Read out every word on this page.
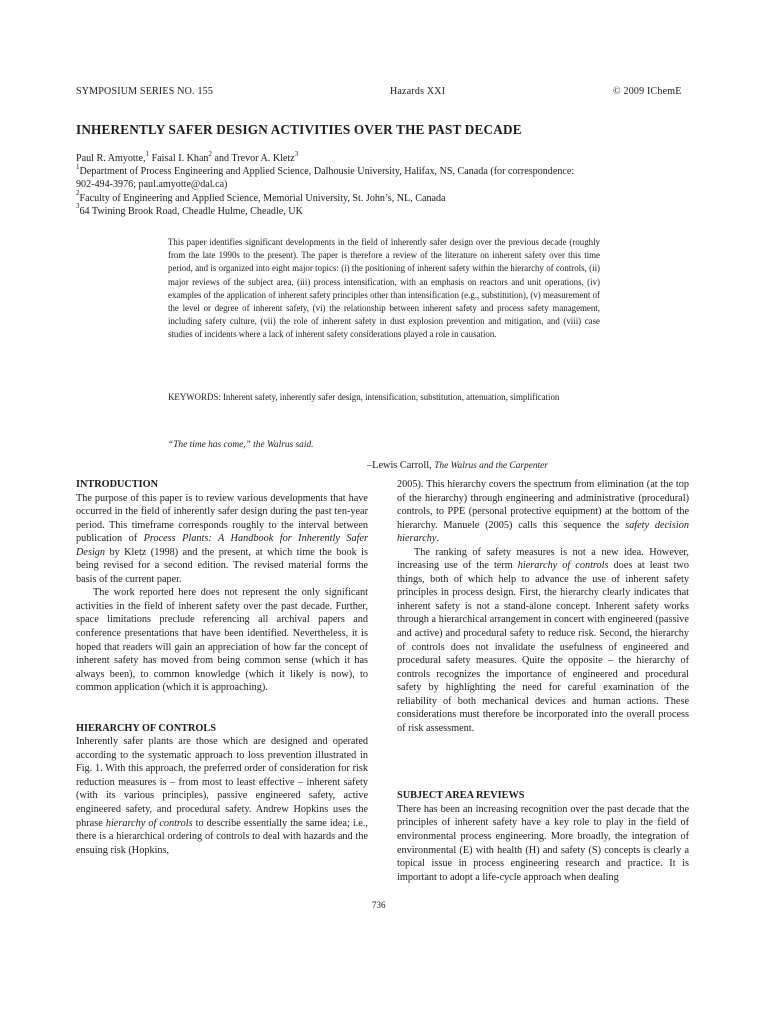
SYMPOSIUM SERIES NO. 155	Hazards XXI	© 2009 IChemE
INHERENTLY SAFER DESIGN ACTIVITIES OVER THE PAST DECADE
Paul R. Amyotte,$^1$ Faisal I. Khan$^2$ and Trevor A. Kletz$^3$
$^1$Department of Process Engineering and Applied Science, Dalhousie University, Halifax, NS, Canada (for correspondence:
902-494-3976; paul.amyotte@dal.ca)
$^2$Faculty of Engineering and Applied Science, Memorial University, St. John’s, NL, Canada
$^3$64 Twining Brook Road, Cheadle Hulme, Cheadle, UK
This paper identifies significant developments in the field of inherently safer design over the previous decade (roughly from the late 1990s to the present). The paper is therefore a review of the literature on inherent safety over this time period, and is organized into eight major topics: (i) the positioning of inherent safety within the hierarchy of controls, (ii) major reviews of the subject area, (iii) process intensification, with an emphasis on reactors and unit operations, (iv) examples of the application of inherent safety principles other than intensification (e.g., substitution), (v) measurement of the level or degree of inherent safety, (vi) the relationship between inherent safety and process safety management, including safety culture, (vii) the role of inherent safety in dust explosion prevention and mitigation, and (viii) case studies of incidents where a lack of inherent safety considerations played a role in causation.
KEYWORDS: Inherent safety, inherently safer design, intensification, substitution, attenuation, simplification
“The time has come,” the Walrus said.
–Lewis Carroll, The Walrus and the Carpenter
INTRODUCTION

The purpose of this paper is to review various developments that have occurred in the field of inherently safer design during the past ten-year period. This timeframe corresponds roughly to the interval between publication of Process Plants: A Handbook for Inherently Safer Design by Kletz (1998) and the present, at which time the book is being revised for a second edition. The revised material forms the basis of the current paper.

The work reported here does not represent the only significant activities in the field of inherent safety over the past decade. Further, space limitations preclude referencing all archival papers and conference presentations that have been identified. Nevertheless, it is hoped that readers will gain an appreciation of how far the concept of inherent safety has moved from being common sense (which it has always been), to common knowledge (which it likely is now), to common application (which it is approaching).

HIERARCHY OF CONTROLS

Inherently safer plants are those which are designed and operated according to the systematic approach to loss prevention illustrated in Fig. 1. With this approach, the preferred order of consideration for risk reduction measures is – from most to least effective – inherent safety (with its various principles), passive engineered safety, active engineered safety, and procedural safety. Andrew Hopkins uses the phrase hierarchy of controls to describe essentially the same idea; i.e., there is a hierarchical ordering of controls to deal with hazards and the ensuing risk (Hopkins,

2005). This hierarchy covers the spectrum from elimination (at the top of the hierarchy) through engineering and administrative (procedural) controls, to PPE (personal protective equipment) at the bottom of the hierarchy. Manuele (2005) calls this sequence the safety decision hierarchy.

The ranking of safety measures is not a new idea. However, increasing use of the term hierarchy of controls does at least two things, both of which help to advance the use of inherent safety principles in process design. First, the hierarchy clearly indicates that inherent safety is not a stand-alone concept. Inherent safety works through a hierarchical arrangement in concert with engineered (passive and active) and procedural safety to reduce risk. Second, the hierarchy of controls does not invalidate the usefulness of engineered and procedural safety measures. Quite the opposite – the hierarchy of controls recognizes the importance of engineered and procedural safety by highlighting the need for careful examination of the reliability of both mechanical devices and human actions. These considerations must therefore be incorporated into the overall process of risk assessment.

SUBJECT AREA REVIEWS

There has been an increasing recognition over the past decade that the principles of inherent safety have a key role to play in the field of environmental process engineering. More broadly, the integration of environmental (E) with health (H) and safety (S) concepts is clearly a topical issue in process engineering research and practice. It is important to adopt a life-cycle approach when dealing

736
